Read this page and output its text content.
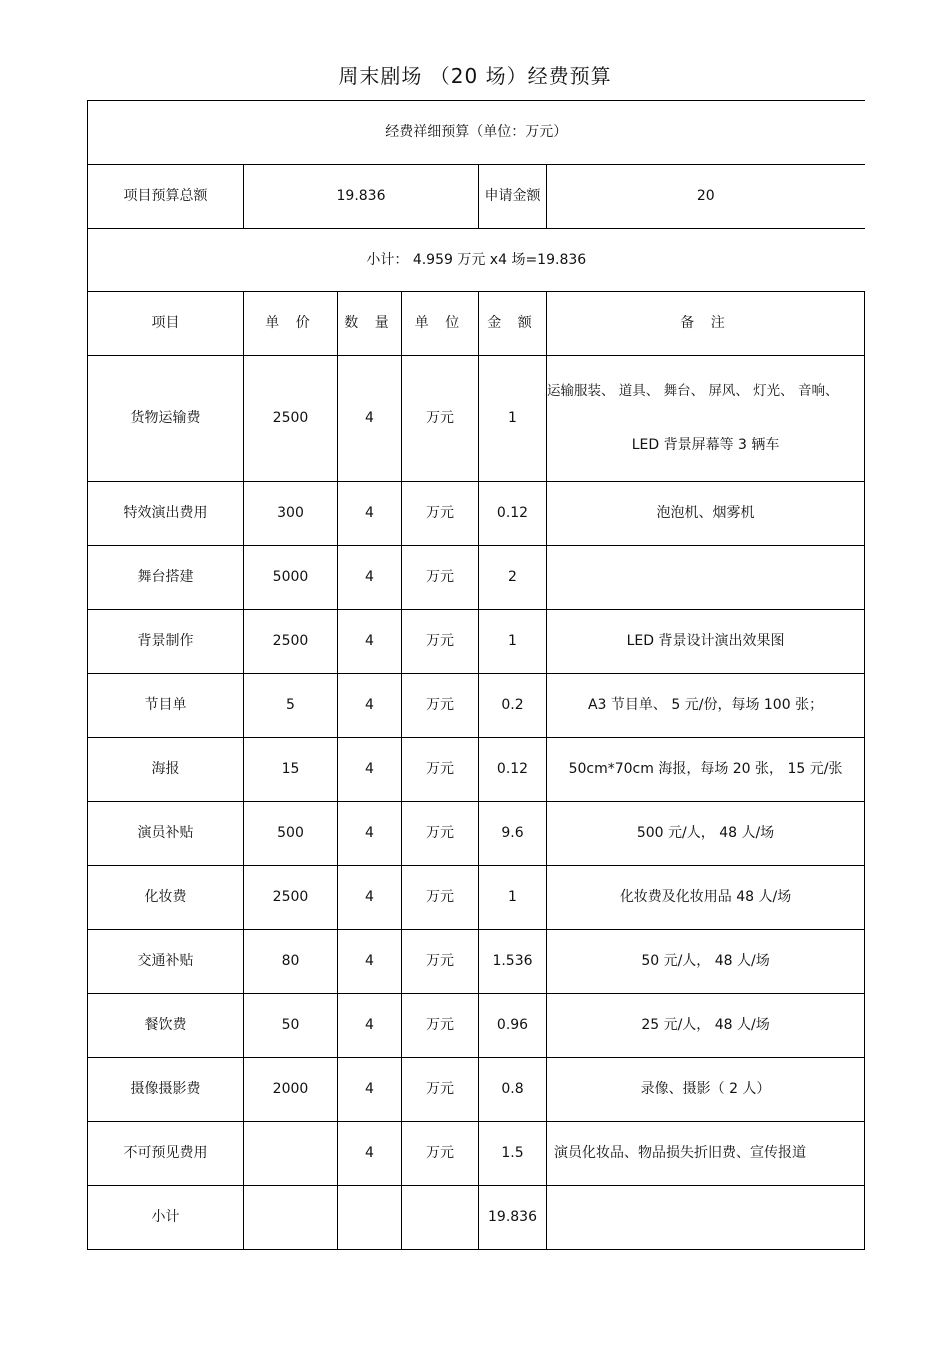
周末剧场 （20 场）经费预算
经费祥细预算（单位：万元）					
项目预算总额	19.836			申请金额	20
小计： 4.959 万元 x4 场=19.836					
项目	单 价	数 量	单 位	金 额	备 注
货物运输费	2500	4	万元	1	运输服装、 道具、 舞台、 屏风、 灯光、 音响、
LED 背景屏幕等 3 辆车

特效演出费用	300	4	万元	0.12	泡泡机、烟雾机
舞台搭建	5000	4	万元	2	
背景制作	2500	4	万元	1	LED 背景设计演出效果图
节目单	5	4	万元	0.2	A3 节目单、 5 元/份，每场 100 张；
海报	15	4	万元	0.12	50cm*70cm 海报，每场 20 张， 15 元/张
演员补贴	500	4	万元	9.6	500 元/人， 48 人/场
化妆费	2500	4	万元	1	化妆费及化妆用品 48 人/场
交通补贴	80	4	万元	1.536	50 元/人， 48 人/场
餐饮费	50	4	万元	0.96	25 元/人， 48 人/场
摄像摄影费	2000	4	万元	0.8	录像、摄影（ 2 人）
不可预见费用		4	万元	1.5	演员化妆品、物品损失折旧费、宣传报道
小计				19.836	
